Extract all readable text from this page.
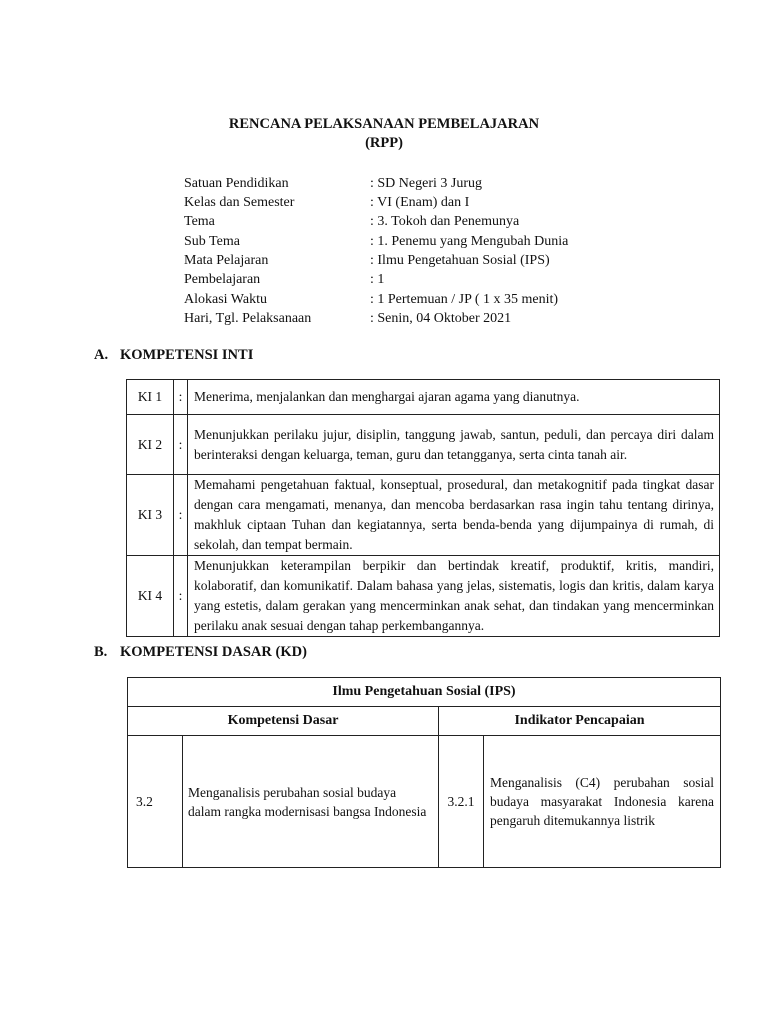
RENCANA PELAKSANAAN PEMBELAJARAN
(RPP)
Satuan Pendidikan	: SD Negeri 3 Jurug
Kelas dan Semester	: VI (Enam) dan I
Tema	: 3. Tokoh dan Penemunya
Sub Tema	: 1. Penemu yang Mengubah Dunia
Mata Pelajaran	: Ilmu Pengetahuan Sosial (IPS)
Pembelajaran	: 1
Alokasi Waktu	: 1 Pertemuan / JP ( 1 x 35 menit)
Hari, Tgl. Pelaksanaan	: Senin, 04 Oktober 2021
A. KOMPETENSI INTI
KI 1	:	Menerima, menjalankan dan menghargai ajaran agama yang dianutnya.
KI 2	:	Menunjukkan perilaku jujur, disiplin, tanggung jawab, santun, peduli, dan percaya diri dalam berinteraksi dengan keluarga, teman, guru dan tetangganya, serta cinta tanah air.
KI 3	:	Memahami pengetahuan faktual, konseptual, prosedural, dan metakognitif pada tingkat dasar dengan cara mengamati, menanya, dan mencoba berdasarkan rasa ingin tahu tentang dirinya, makhluk ciptaan Tuhan dan kegiatannya, serta benda-benda yang dijumpainya di rumah, di sekolah, dan tempat bermain.
KI 4	:	Menunjukkan keterampilan berpikir dan bertindak kreatif, produktif, kritis, mandiri, kolaboratif, dan komunikatif. Dalam bahasa yang jelas, sistematis, logis dan kritis, dalam karya yang estetis, dalam gerakan yang mencerminkan anak sehat, dan tindakan yang mencerminkan perilaku anak sesuai dengan tahap perkembangannya.
B. KOMPETENSI DASAR (KD)
Ilmu Pengetahuan Sosial (IPS)			
Kompetensi Dasar		Indikator Pencapaian	
3.2	Menganalisis perubahan sosial budaya dalam rangka modernisasi bangsa Indonesia	3.2.1	Menganalisis (C4) perubahan sosial budaya masyarakat Indonesia karena pengaruh ditemukannya listrik
